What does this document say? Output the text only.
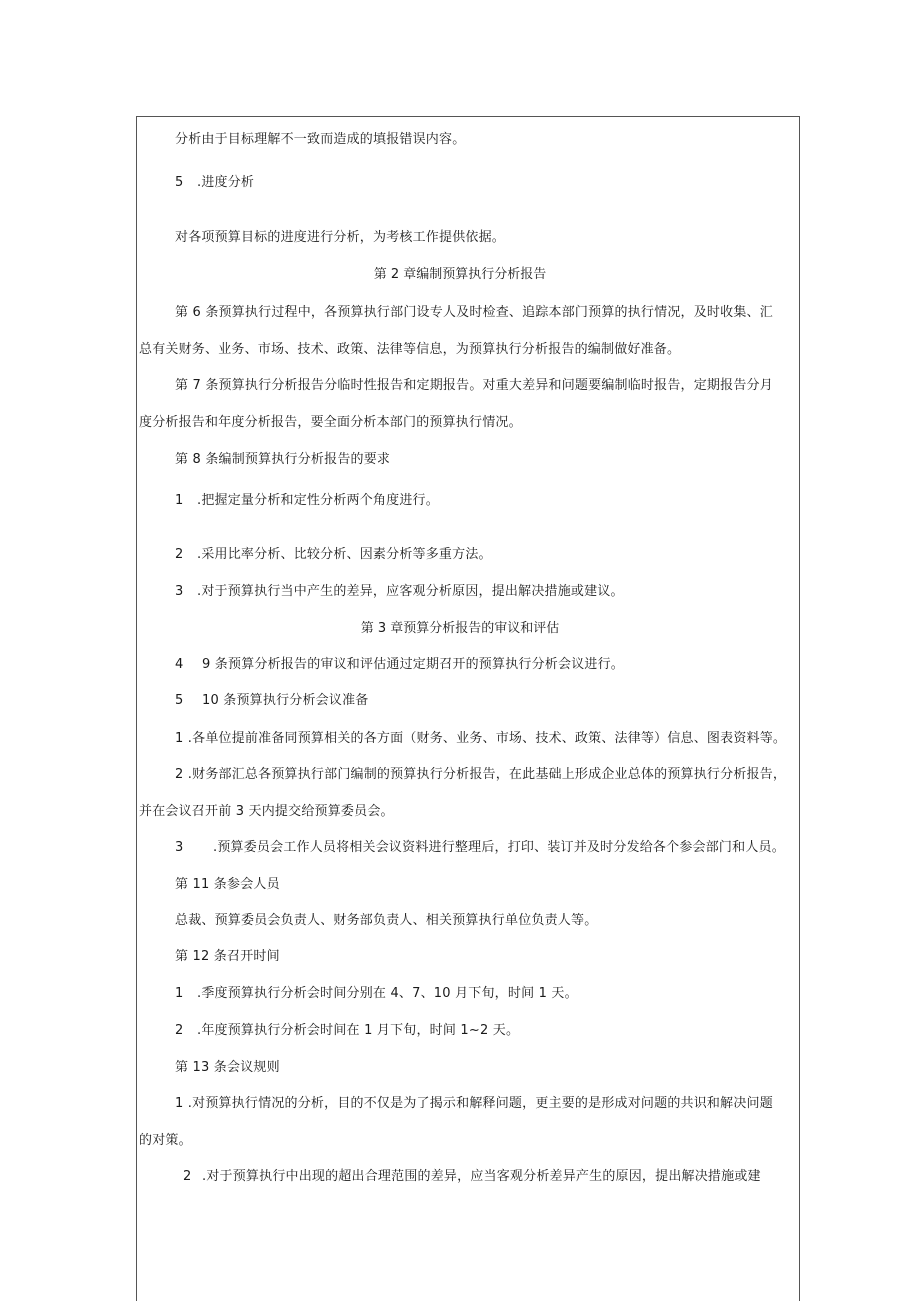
分析由于目标理解不一致而造成的填报错误内容。
5 .进度分析
对各项预算目标的进度进行分析，为考核工作提供依据。
第 2 章编制预算执行分析报告
第 6 条预算执行过程中，各预算执行部门设专人及时检查、追踪本部门预算的执行情况，及时收集、汇
总有关财务、业务、市场、技术、政策、法律等信息，为预算执行分析报告的编制做好准备。
第 7 条预算执行分析报告分临时性报告和定期报告。对重大差异和问题要编制临时报告，定期报告分月
度分析报告和年度分析报告，要全面分析本部门的预算执行情况。
第 8 条编制预算执行分析报告的要求
1 .把握定量分析和定性分析两个角度进行。
2 .采用比率分析、比较分析、因素分析等多重方法。
3 .对于预算执行当中产生的差异，应客观分析原因，提出解决措施或建议。
第 3 章预算分析报告的审议和评估
4 9 条预算分析报告的审议和评估通过定期召开的预算执行分析会议进行。
5 10 条预算执行分析会议准备
1 .各单位提前准备同预算相关的各方面（财务、业务、市场、技术、政策、法律等）信息、图表资料等。
2 .财务部汇总各预算执行部门编制的预算执行分析报告，在此基础上形成企业总体的预算执行分析报告，
并在会议召开前 3 天内提交给预算委员会。
3 .预算委员会工作人员将相关会议资料进行整理后，打印、装订并及时分发给各个参会部门和人员。
第 11 条参会人员
总裁、预算委员会负责人、财务部负责人、相关预算执行单位负责人等。
第 12 条召开时间
1 .季度预算执行分析会时间分别在 4、7、10 月下旬，时间 1 天。
2 .年度预算执行分析会时间在 1 月下旬，时间 1~2 天。
第 13 条会议规则
1 .对预算执行情况的分析，目的不仅是为了揭示和解释问题，更主要的是形成对问题的共识和解决问题
的对策。
2 .对于预算执行中出现的超出合理范围的差异，应当客观分析差异产生的原因，提出解决措施或建
